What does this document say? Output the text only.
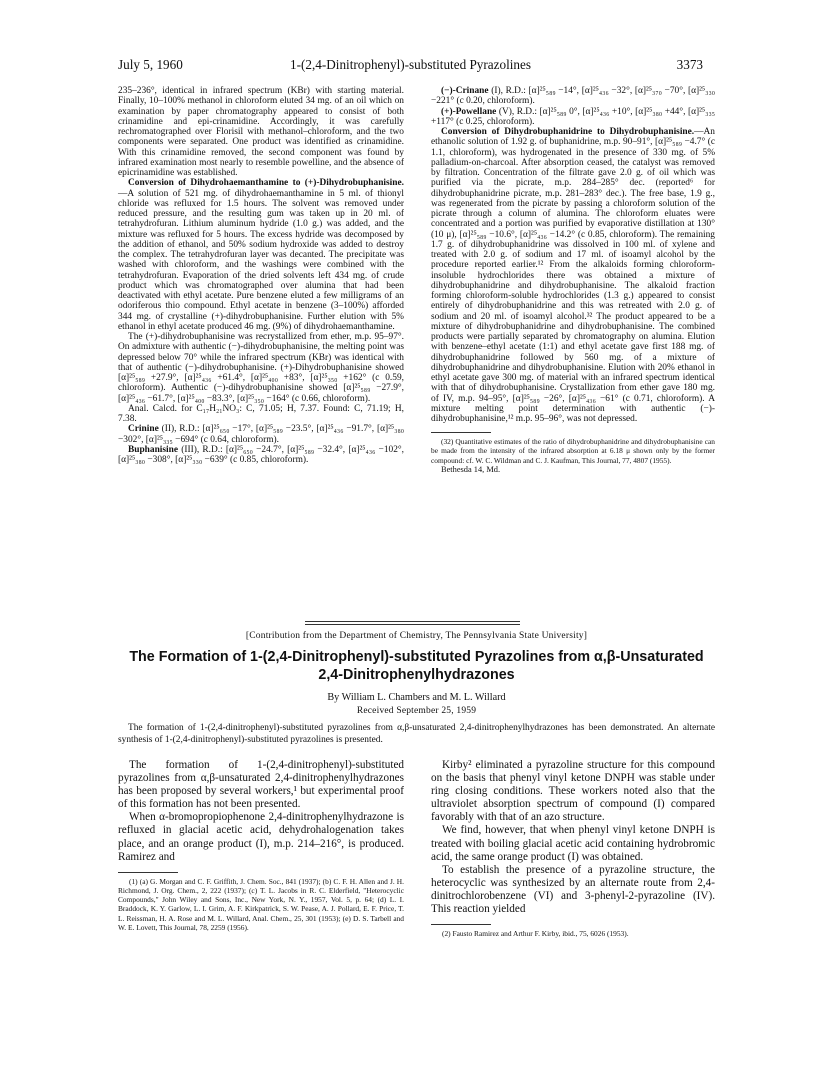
July 5, 1960	1-(2,4-Dinitrophenyl)-substituted Pyrazolines	3373

235–236°, identical in infrared spectrum (KBr) with starting material. Finally, 10–100% methanol in chloroform eluted 34 mg. of an oil which on examination by paper chromatography appeared to consist of both crinamidine and epi-crinamidine. Accordingly, it was carefully rechromatographed over Florisil with methanol–chloroform, and the two components were separated. One product was identified as crinamidine. With this crinamidine removed, the second component was found by infrared examination most nearly to resemble powelline, and the absence of epicrinamidine was established.

Conversion of Dihydrohaemanthamine to (+)-Dihydrobuphanisine.—A solution of 521 mg. of dihydrohaemanthamine in 5 ml. of thionyl chloride was refluxed for 1.5 hours. The solvent was removed under reduced pressure, and the resulting gum was taken up in 20 ml. of tetrahydrofuran. Lithium aluminum hydride (1.0 g.) was added, and the mixture was refluxed for 5 hours. The excess hydride was decomposed by the addition of ethanol, and 50% sodium hydroxide was added to destroy the complex. The tetrahydrofuran layer was decanted. The precipitate was washed with chloroform, and the washings were combined with the tetrahydrofuran. Evaporation of the dried solvents left 434 mg. of crude product which was chromatographed over alumina that had been deactivated with ethyl acetate. Pure benzene eluted a few milligrams of an odoriferous thio compound. Ethyl acetate in benzene (3–100%) afforded 344 mg. of crystalline (+)-dihydrobuphanisine. Further elution with 5% ethanol in ethyl acetate produced 46 mg. (9%) of dihydrohaemanthamine.

The (+)-dihydrobuphanisine was recrystallized from ether, m.p. 95–97°. On admixture with authentic (−)-dihydrobuphanisine, the melting point was depressed below 70° while the infrared spectrum (KBr) was identical with that of authentic (−)-dihydrobuphanisine. (+)-Dihydrobuphanisine showed [α]²⁵₅₈₉ +27.9°, [α]²⁵₄₃₆ +61.4°, [α]²⁵₄₀₀ +83°, [α]²⁵₃₅₀ +162° (c 0.59, chloroform). Authentic (−)-dihydrobuphanisine showed [α]²⁵₅₈₉ −27.9°, [α]²⁵₄₃₆ −61.7°, [α]²⁵₄₀₀ −83.3°, [α]²⁵₃₅₀ −164° (c 0.66, chloroform).

Anal. Calcd. for C₁₇H₂₁NO₃: C, 71.05; H, 7.37. Found: C, 71.19; H, 7.38.

Crinine (II), R.D.: [α]²⁵₆₅₀ −17°, [α]²⁵₅₈₉ −23.5°, [α]²⁵₄₃₆ −91.7°, [α]²⁵₃₈₀ −302°, [α]²⁵₃₃₅ −694° (c 0.64, chloroform).

Buphanisine (III), R.D.: [α]²⁵₆₅₀ −24.7°, [α]²⁵₅₈₉ −32.4°, [α]²⁵₄₃₆ −102°, [α]²⁵₃₈₀ −308°, [α]²⁵₃₃₀ −639° (c 0.85, chloroform).

(−)-Crinane (I), R.D.: [α]²⁵₅₈₉ −14°, [α]²⁵₄₃₆ −32°, [α]²⁵₃₇₀ −70°, [α]²⁵₃₃₀ −221° (c 0.20, chloroform).

(+)-Powellane (V), R.D.: [α]²⁵₅₈₉ 0°, [α]²⁵₄₃₆ +10°, [α]²⁵₃₈₀ +44°, [α]²⁵₃₃₅ +117° (c 0.25, chloroform).

Conversion of Dihydrobuphanidrine to Dihydrobuphanisine.—An ethanolic solution of 1.92 g. of buphanidrine, m.p. 90–91°, [α]²⁵₅₈₉ −4.7° (c 1.1, chloroform), was hydrogenated in the presence of 330 mg. of 5% palladium-on-charcoal. After absorption ceased, the catalyst was removed by filtration. Concentration of the filtrate gave 2.0 g. of oil which was purified via the picrate, m.p. 284–285° dec. (reported⁶ for dihydrobuphanidrine picrate, m.p. 281–283° dec.). The free base, 1.9 g., was regenerated from the picrate by passing a chloroform solution of the picrate through a column of alumina. The chloroform eluates were concentrated and a portion was purified by evaporative distillation at 130° (10 μ), [α]²⁵₅₈₉ −10.6°, [α]²⁵₄₃₆ −14.2° (c 0.85, chloroform). The remaining 1.7 g. of dihydrobuphanidrine was dissolved in 100 ml. of xylene and treated with 2.0 g. of sodium and 17 ml. of isoamyl alcohol by the procedure reported earlier.¹² From the alkaloids forming chloroform-insoluble hydrochlorides there was obtained a mixture of dihydrobuphanidrine and dihydrobuphanisine. The alkaloid fraction forming chloroform-soluble hydrochlorides (1.3 g.) appeared to consist entirely of dihydrobuphanidrine and this was retreated with 2.0 g. of sodium and 20 ml. of isoamyl alcohol.³² The product appeared to be a mixture of dihydrobuphanidrine and dihydrobuphanisine. The combined products were partially separated by chromatography on alumina. Elution with benzene–ethyl acetate (1:1) and ethyl acetate gave first 188 mg. of dihydrobuphanidrine followed by 560 mg. of a mixture of dihydrobuphanidrine and dihydrobuphanisine. Elution with 20% ethanol in ethyl acetate gave 300 mg. of material with an infrared spectrum identical with that of dihydrobuphanisine. Crystallization from ether gave 180 mg. of IV, m.p. 94–95°, [α]²⁵₅₈₉ −26°, [α]²⁵₄₃₆ −61° (c 0.71, chloroform). A mixture melting point determination with authentic (−)-dihydrobuphanisine,¹² m.p. 95–96°, was not depressed.

(32) Quantitative estimates of the ratio of dihydrobuphanidrine and dihydrobuphanisine can be made from the intensity of the infrared absorption at 6.18 μ shown only by the former compound: cf. W. C. Wildman and C. J. Kaufman, This Journal, 77, 4807 (1955).

Bethesda 14, Md.

[Contribution from the Department of Chemistry, The Pennsylvania State University]
The Formation of 1-(2,4-Dinitrophenyl)-substituted Pyrazolines from α,β-Unsaturated 2,4-Dinitrophenylhydrazones
By William L. Chambers and M. L. Willard
Received September 25, 1959
The formation of 1-(2,4-dinitrophenyl)-substituted pyrazolines from α,β-unsaturated 2,4-dinitrophenylhydrazones has been demonstrated. An alternate synthesis of 1-(2,4-dinitrophenyl)-substituted pyrazolines is presented.

The formation of 1-(2,4-dinitrophenyl)-substituted pyrazolines from α,β-unsaturated 2,4-dinitrophenylhydrazones has been proposed by several workers,¹ but experimental proof of this formation has not been presented.

When α-bromopropiophenone 2,4-dinitrophenylhydrazone is refluxed in glacial acetic acid, dehydrohalogenation takes place, and an orange product (I), m.p. 214–216°, is produced. Ramirez and

(1) (a) G. Morgan and C. F. Griffith, J. Chem. Soc., 841 (1937); (b) C. F. H. Allen and J. H. Richmond, J. Org. Chem., 2, 222 (1937); (c) T. L. Jacobs in R. C. Elderfield, "Heterocyclic Compounds," John Wiley and Sons, Inc., New York, N. Y., 1957, Vol. 5, p. 64; (d) L. I. Braddock, K. Y. Garlow, L. I. Grim, A. F. Kirkpatrick, S. W. Pease, A. J. Pollard, E. F. Price, T. L. Reissman, H. A. Rose and M. L. Willard, Anal. Chem., 25, 301 (1953); (e) D. S. Tarbell and W. E. Lovett, This Journal, 78, 2259 (1956).

Kirby² eliminated a pyrazoline structure for this compound on the basis that phenyl vinyl ketone DNPH was stable under ring closing conditions. These workers noted also that the ultraviolet absorption spectrum of compound (I) compared favorably with that of an azo structure.

We find, however, that when phenyl vinyl ketone DNPH is treated with boiling glacial acetic acid containing hydrobromic acid, the same orange product (I) was obtained.

To establish the presence of a pyrazoline structure, the heterocyclic was synthesized by an alternate route from 2,4-dinitrochlorobenzene (VI) and 3-phenyl-2-pyrazoline (IV). This reaction yielded

(2) Fausto Ramirez and Arthur F. Kirby, ibid., 75, 6026 (1953).
